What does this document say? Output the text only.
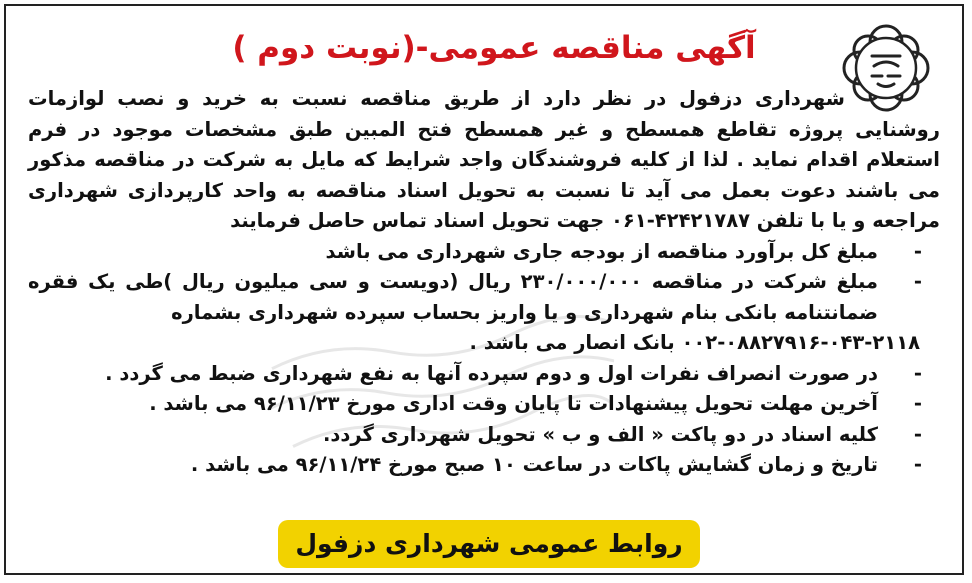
آگهی مناقصه عمومی-(نوبت دوم )

شهرداری دزفول در نظر دارد از طریق مناقصه نسبت به خرید و نصب لوازمات روشنایی پروژه تقاطع همسطح و غیر همسطح فتح المبین طبق مشخصات موجود در فرم استعلام اقدام نماید . لذا از کلیه فروشندگان واجد شرایط که مایل به شرکت در مناقصه مذکور می باشند دعوت بعمل می آید تا نسبت به تحویل اسناد مناقصه به واحد کارپردازی شهرداری مراجعه و یا با تلفن ۴۲۴۲۱۷۸۷-۰۶۱ جهت تحویل اسناد تماس حاصل فرمایند

-
مبلغ کل برآورد مناقصه از بودجه جاری شهرداری می باشد
-
مبلغ شرکت در مناقصه ۲۳۰/۰۰۰/۰۰۰ ریال (دویست و سی میلیون ریال )طی یک فقره ضمانتنامه بانکی بنام شهرداری و یا واریز بحساب سپرده شهرداری بشماره

۰۰۲-۰۸۸۲۷۹۱۶-۰۴۳-۲۱۱۸ بانک انصار می باشد .

-
در صورت انصراف نفرات اول و دوم سپرده آنها به نفع شهرداری ضبط می گردد .
-
آخرین مهلت تحویل پیشنهادات تا پایان وقت اداری مورخ ۹۶/۱۱/۲۳ می باشد .
-
کلیه اسناد در دو پاکت « الف و ب » تحویل شهرداری گردد.
-
تاریخ و زمان گشایش پاکات در ساعت ۱۰ صبح مورخ ۹۶/۱۱/۲۴ می باشد .
روابط عمومی شهرداری دزفول
